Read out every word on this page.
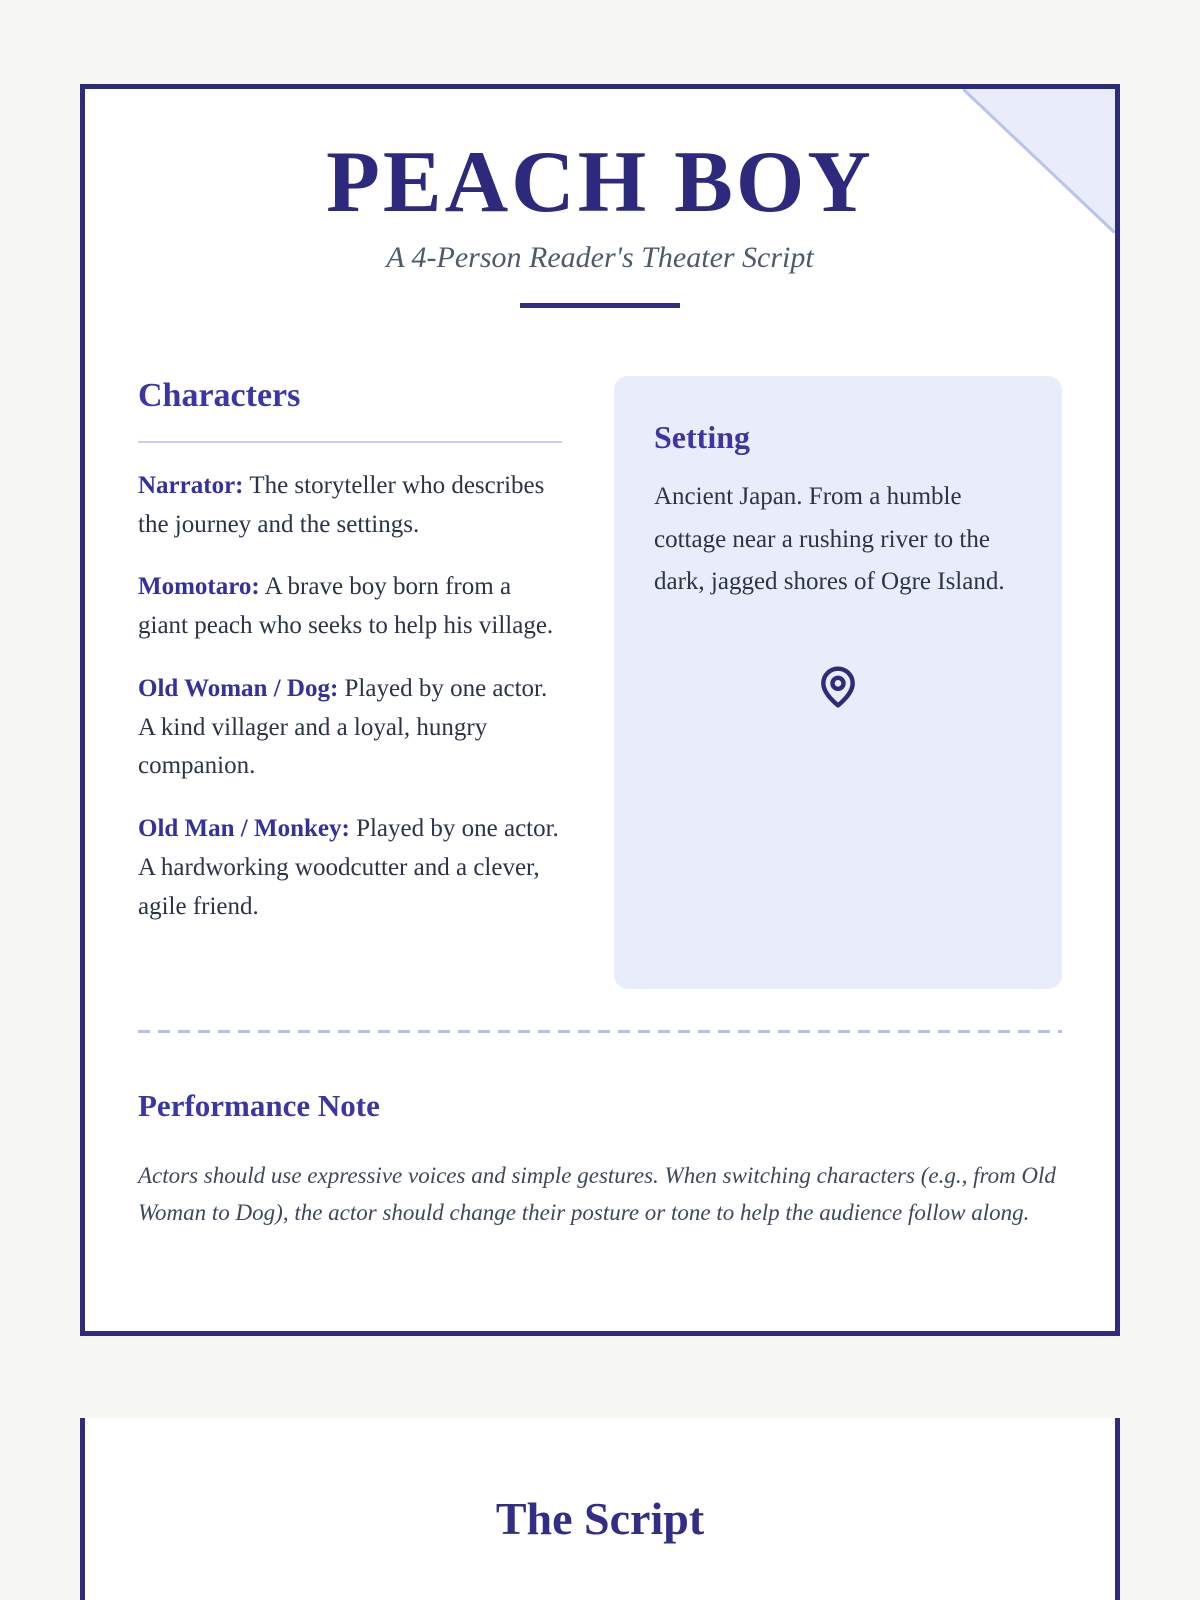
PEACH BOY

A 4-Person Reader's Theater Script

Characters

Narrator: The storyteller who describes the journey and the settings.

Momotaro: A brave boy born from a giant peach who seeks to help his village.

Old Woman / Dog: Played by one actor. A kind villager and a loyal, hungry companion.

Old Man / Monkey: Played by one actor. A hardworking woodcutter and a clever, agile friend.

Setting

Ancient Japan. From a humble cottage near a rushing river to the dark, jagged shores of Ogre Island.

Performance Note

Actors should use expressive voices and simple gestures. When switching characters (e.g., from Old Woman to Dog), the actor should change their posture or tone to help the audience follow along.

The Script
